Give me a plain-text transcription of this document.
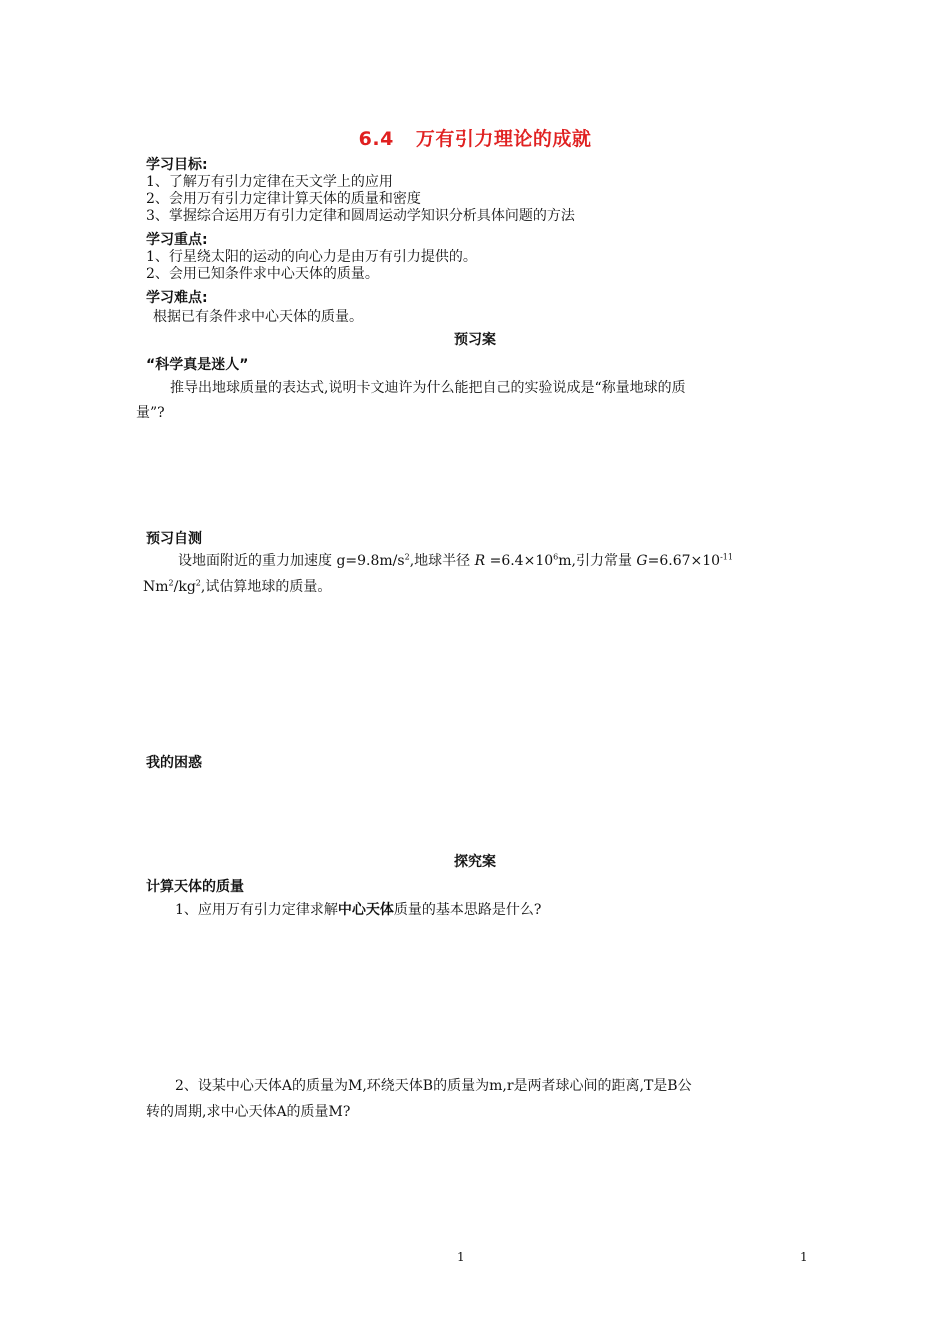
6.4 万有引力理论的成就
学习目标:
1、了解万有引力定律在天文学上的应用
2、会用万有引力定律计算天体的质量和密度
3、掌握综合运用万有引力定律和圆周运动学知识分析具体问题的方法
学习重点:
1、行星绕太阳的运动的向心力是由万有引力提供的。
2、会用已知条件求中心天体的质量。
学习难点:
根据已有条件求中心天体的质量。
预习案
“科学真是迷人”
推导出地球质量的表达式,说明卡文迪许为什么能把自己的实验说成是“称量地球的质
量”?
预习自测
设地面附近的重力加速度 $g=9.8m/s^2$,地球半径 $R =6.4\times 10^6m$,引力常量 $G=6.67\times 10^{-11}$
$Nm^2/kg^2$,试估算地球的质量。
我的困惑
探究案
计算天体的质量
1、应用万有引力定律求解中心天体质量的基本思路是什么?
2、设某中心天体A的质量为M,环绕天体B的质量为m,r是两者球心间的距离,T是B公
转的周期,求中心天体A的质量M?
1	1
